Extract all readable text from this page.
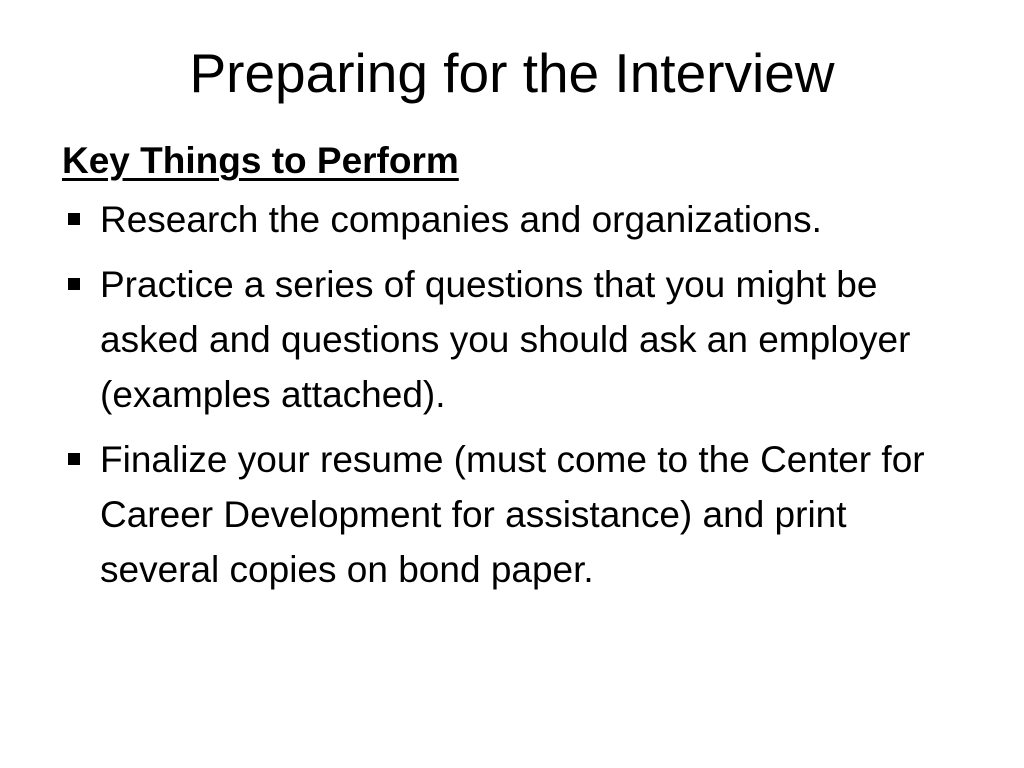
Preparing for the Interview
Key Things to Perform
Research the companies and organizations.
Practice a series of questions that you might be asked and questions you should ask an employer (examples attached).
Finalize your resume (must come to the Center for Career Development for assistance) and print several copies on bond paper.
